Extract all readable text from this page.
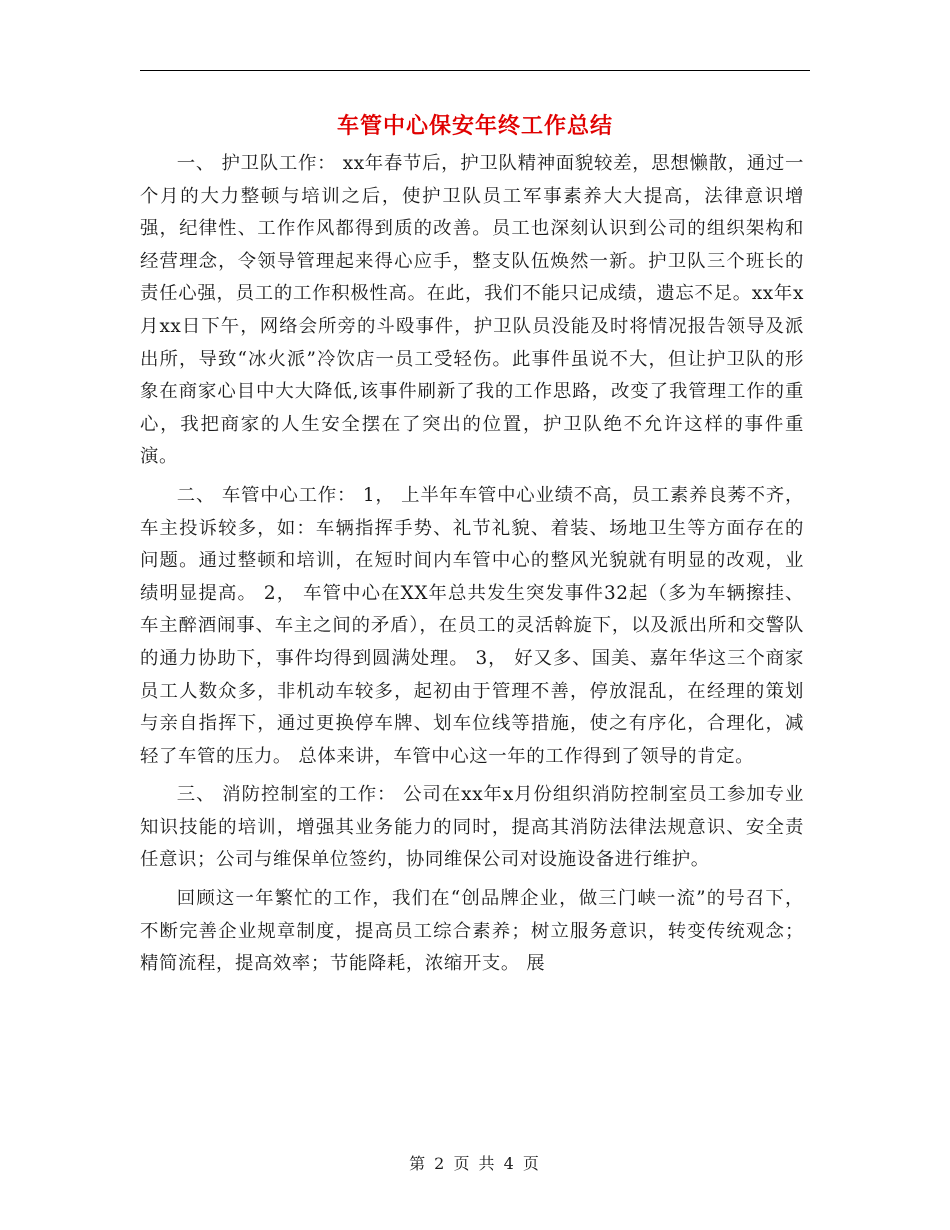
车管中心保安年终工作总结

一、 护卫队工作： xx年春节后，护卫队精神面貌较差，思想懒散，通过一个月的大力整顿与培训之后，使护卫队员工军事素养大大提高，法律意识增强，纪律性、工作作风都得到质的改善。员工也深刻认识到公司的组织架构和经营理念，令领导管理起来得心应手，整支队伍焕然一新。护卫队三个班长的责任心强，员工的工作积极性高。在此，我们不能只记成绩，遗忘不足。xx年x月xx日下午，网络会所旁的斗殴事件，护卫队员没能及时将情况报告领导及派出所，导致“冰火派”冷饮店一员工受轻伤。此事件虽说不大，但让护卫队的形象在商家心目中大大降低,该事件刷新了我的工作思路，改变了我管理工作的重心，我把商家的人生安全摆在了突出的位置，护卫队绝不允许这样的事件重演。

二、 车管中心工作： 1， 上半年车管中心业绩不高，员工素养良莠不齐，车主投诉较多，如：车辆指挥手势、礼节礼貌、着装、场地卫生等方面存在的问题。通过整顿和培训，在短时间内车管中心的整风光貌就有明显的改观，业绩明显提高。 2， 车管中心在XX年总共发生突发事件32起（多为车辆擦挂、车主醉酒闹事、车主之间的矛盾），在员工的灵活斡旋下，以及派出所和交警队的通力协助下，事件均得到圆满处理。 3， 好又多、国美、嘉年华这三个商家员工人数众多，非机动车较多，起初由于管理不善，停放混乱，在经理的策划与亲自指挥下，通过更换停车牌、划车位线等措施，使之有序化，合理化，减轻了车管的压力。 总体来讲，车管中心这一年的工作得到了领导的肯定。

三、 消防控制室的工作： 公司在xx年x月份组织消防控制室员工参加专业知识技能的培训，增强其业务能力的同时，提高其消防法律法规意识、安全责任意识；公司与维保单位签约，协同维保公司对设施设备进行维护。

回顾这一年繁忙的工作，我们在“创品牌企业，做三门峡一流”的号召下，不断完善企业规章制度，提高员工综合素养；树立服务意识，转变传统观念；精简流程，提高效率；节能降耗，浓缩开支。 展

第 2 页 共 4 页
